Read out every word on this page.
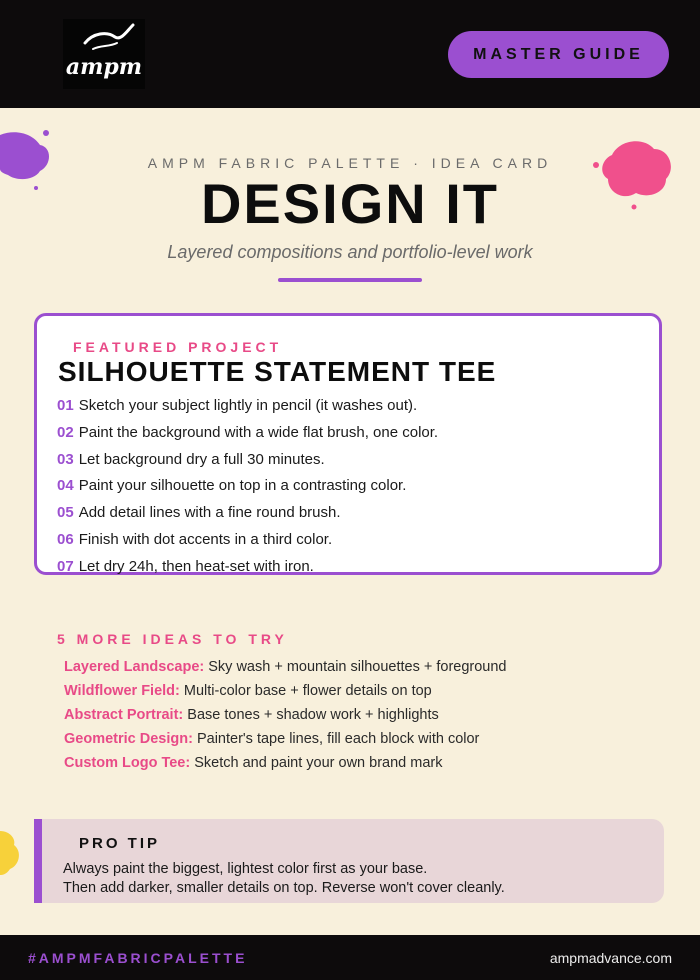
ampm	MASTER GUIDE
AMPM FABRIC PALETTE · IDEA CARD
DESIGN IT
Layered compositions and portfolio-level work
FEATURED PROJECT
SILHOUETTE STATEMENT TEE
01 Sketch your subject lightly in pencil (it washes out).
02 Paint the background with a wide flat brush, one color.
03 Let background dry a full 30 minutes.
04 Paint your silhouette on top in a contrasting color.
05 Add detail lines with a fine round brush.
06 Finish with dot accents in a third color.
07 Let dry 24h, then heat-set with iron.
5 MORE IDEAS TO TRY
Layered Landscape: Sky wash + mountain silhouettes + foreground
Wildflower Field: Multi-color base + flower details on top
Abstract Portrait: Base tones + shadow work + highlights
Geometric Design: Painter's tape lines, fill each block with color
Custom Logo Tee: Sketch and paint your own brand mark
PRO TIP
Always paint the biggest, lightest color first as your base.
Then add darker, smaller details on top. Reverse won't cover cleanly.
#AMPMFABRICPALETTE	ampmadvance.com
